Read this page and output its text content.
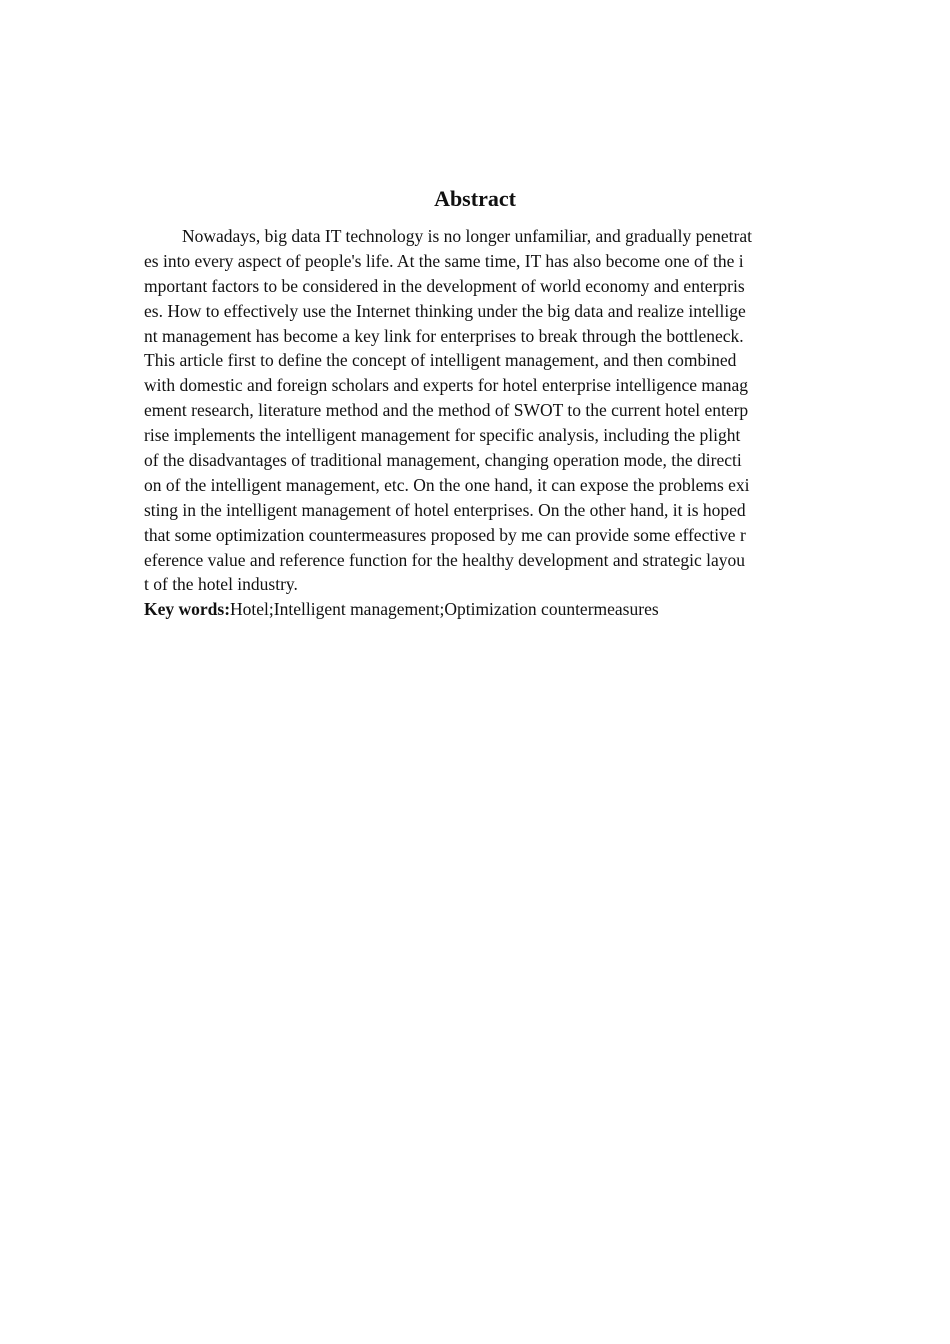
Abstract
Nowadays, big data IT technology is no longer unfamiliar, and gradually penetrat
es into every aspect of people's life. At the same time, IT has also become one of the i
mportant factors to be considered in the development of world economy and enterpris
es. How to effectively use the Internet thinking under the big data and realize intellige
nt management has become a key link for enterprises to break through the bottleneck.
This article first to define the concept of intelligent management, and then combined
with domestic and foreign scholars and experts for hotel enterprise intelligence manag
ement research, literature method and the method of SWOT to the current hotel enterp
rise implements the intelligent management for specific analysis, including the plight
of the disadvantages of traditional management, changing operation mode, the directi
on of the intelligent management, etc. On the one hand, it can expose the problems exi
sting in the intelligent management of hotel enterprises. On the other hand, it is hoped
that some optimization countermeasures proposed by me can provide some effective r
eference value and reference function for the healthy development and strategic layou
t of the hotel industry.
Key words:Hotel;Intelligent management;Optimization countermeasures
